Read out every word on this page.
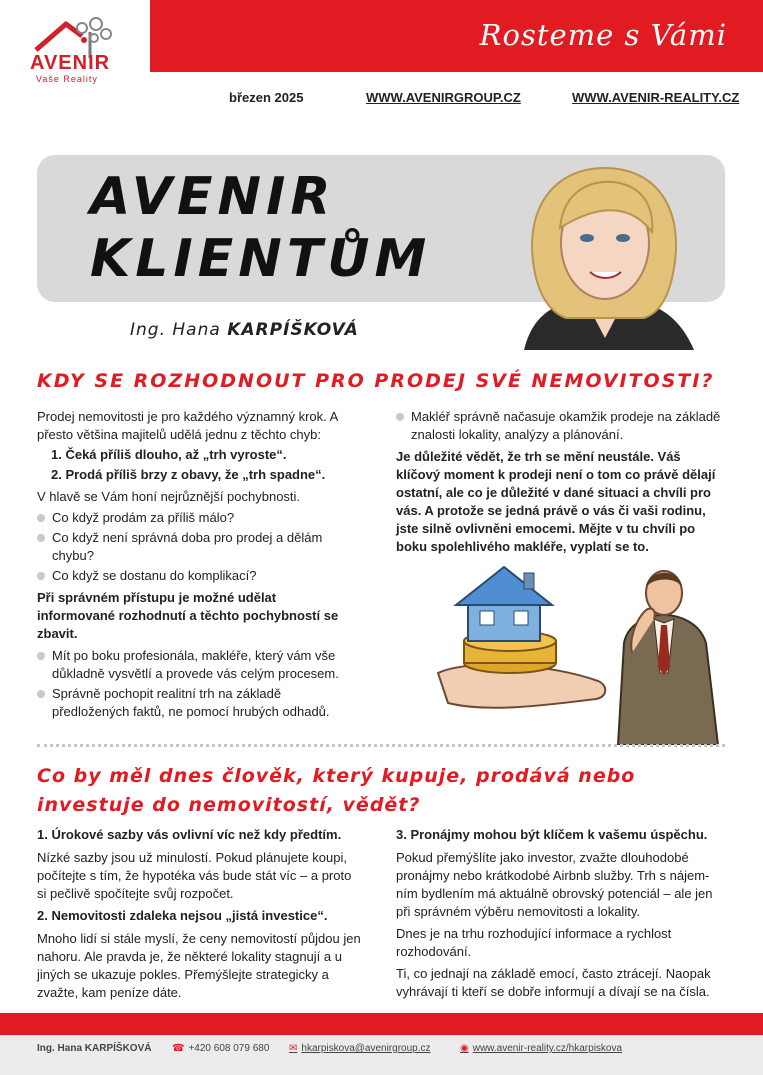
Rosteme s Vámi
AVENIR
Vaše Reality
březen 2025	WWW.AVENIRGROUP.CZ	WWW.AVENIR-REALITY.CZ
AVENIR
KLIENTŮM
Ing. Hana KARPÍŠKOVÁ
KDY SE ROZHODNOUT PRO PRODEJ SVÉ NEMOVITOSTI?

Prodej nemovitosti je pro každého významný krok. A přesto většina majitelů udělá jednu z těchto chyb:

1. Čeká příliš dlouho, až „trh vyroste“.

2. Prodá příliš brzy z obavy, že „trh spadne“.

V hlavě se Vám honí nejrůznější pochybnosti.

Co když prodám za příliš málo?
Co když není správná doba pro prodej a dělám chybu?
Co když se dostanu do komplikací?

Při správném přístupu je možné udělat informované rozhodnutí a těchto pochybností se zbavit.

Mít po boku profesionála, makléře, který vám vše důkladně vysvětlí a provede vás celým procesem.
Správně pochopit realitní trh na základě předložených faktů, ne pomocí hrubých odhadů.
Makléř správně načasuje okamžik prodeje na základě znalosti lokality, analýzy a plánování.

Je důležité vědět, že trh se mění neustále. Váš klíčový moment k prodeji není o tom co právě dělají ostatní, ale co je důležité v dané situaci a chvíli pro vás. A protože se jedná právě o vás či vaši rodinu, jste silně ovlivněni emocemi. Mějte v tu chvíli po boku spolehlivého makléře, vyplatí se to.

Co by měl dnes člověk, který kupuje, prodává nebo investuje do nemovitostí, vědět?

1. Úrokové sazby vás ovlivní víc než kdy předtím.

Nízké sazby jsou už minulostí. Pokud plánujete koupi, počítejte s tím, že hypotéka vás bude stát víc – a proto si pečlivě spočítejte svůj rozpočet.

2. Nemovitosti zdaleka nejsou „jistá investice“.

Mnoho lidí si stále myslí, že ceny nemovitostí půjdou jen nahoru. Ale pravda je, že některé lokality stagnují a u jiných se ukazuje pokles. Přemýšlejte strategicky a zvažte, kam peníze dáte.

3. Pronájmy mohou být klíčem k vašemu úspěchu.

Pokud přemýšlíte jako investor, zvažte dlouhodobé pronájmy nebo krátkodobé Airbnb služby. Trh s nájem-ním bydlením má aktuálně obrovský potenciál – ale jen při správném výběru nemovitosti a lokality.

Dnes je na trhu rozhodující informace a rychlost rozhodování.

Ti, co jednají na základě emocí, často ztrácejí. Naopak vyhrávají ti kteří se dobře informují a dívají se na čísla.

Ing. Hana KARPÍŠKOVÁ ☎ +420 608 079 680 ✉ hkarpiskova@avenirgroup.cz	◉ www.avenir-reality.cz/hkarpiskova
